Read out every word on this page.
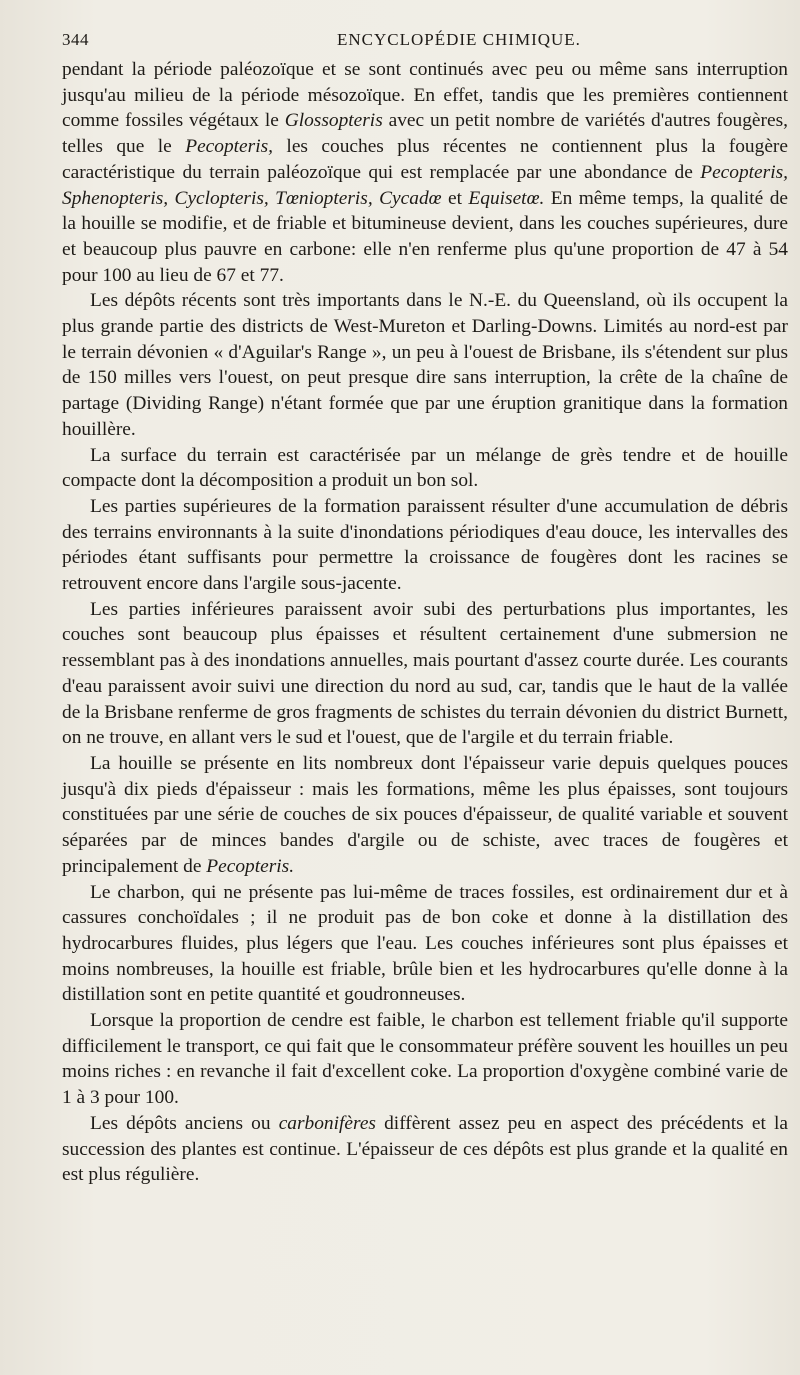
344	ENCYCLOPÉDIE CHIMIQUE.

pendant la période paléozoïque et se sont continués avec peu ou même sans interruption jusqu'au milieu de la période mésozoïque. En effet, tandis que les premières contiennent comme fossiles végétaux le Glossopteris avec un petit nombre de variétés d'autres fougères, telles que le Pecopteris, les couches plus récentes ne contiennent plus la fougère caractéristique du terrain paléozoïque qui est remplacée par une abondance de Pecopteris, Sphenopteris, Cyclopteris, Tœniopteris, Cycadœ et Equisetœ. En même temps, la qualité de la houille se modifie, et de friable et bitumineuse devient, dans les couches supérieures, dure et beaucoup plus pauvre en carbone: elle n'en renferme plus qu'une proportion de 47 à 54 pour 100 au lieu de 67 et 77.

Les dépôts récents sont très importants dans le N.-E. du Queensland, où ils occupent la plus grande partie des districts de West-Mureton et Darling-Downs. Limités au nord-est par le terrain dévonien « d'Aguilar's Range », un peu à l'ouest de Brisbane, ils s'étendent sur plus de 150 milles vers l'ouest, on peut presque dire sans interruption, la crête de la chaîne de partage (Dividing Range) n'étant formée que par une éruption granitique dans la formation houillère.

La surface du terrain est caractérisée par un mélange de grès tendre et de houille compacte dont la décomposition a produit un bon sol.

Les parties supérieures de la formation paraissent résulter d'une accumulation de débris des terrains environnants à la suite d'inondations périodiques d'eau douce, les intervalles des périodes étant suffisants pour permettre la croissance de fougères dont les racines se retrouvent encore dans l'argile sous-jacente.

Les parties inférieures paraissent avoir subi des perturbations plus importantes, les couches sont beaucoup plus épaisses et résultent certainement d'une submersion ne ressemblant pas à des inondations annuelles, mais pourtant d'assez courte durée. Les courants d'eau paraissent avoir suivi une direction du nord au sud, car, tandis que le haut de la vallée de la Brisbane renferme de gros fragments de schistes du terrain dévonien du district Burnett, on ne trouve, en allant vers le sud et l'ouest, que de l'argile et du terrain friable.

La houille se présente en lits nombreux dont l'épaisseur varie depuis quelques pouces jusqu'à dix pieds d'épaisseur : mais les formations, même les plus épaisses, sont toujours constituées par une série de couches de six pouces d'épaisseur, de qualité variable et souvent séparées par de minces bandes d'argile ou de schiste, avec traces de fougères et principalement de Pecopteris.

Le charbon, qui ne présente pas lui-même de traces fossiles, est ordinairement dur et à cassures conchoïdales ; il ne produit pas de bon coke et donne à la distillation des hydrocarbures fluides, plus légers que l'eau. Les couches inférieures sont plus épaisses et moins nombreuses, la houille est friable, brûle bien et les hydrocarbures qu'elle donne à la distillation sont en petite quantité et goudronneuses.

Lorsque la proportion de cendre est faible, le charbon est tellement friable qu'il supporte difficilement le transport, ce qui fait que le consommateur préfère souvent les houilles un peu moins riches : en revanche il fait d'excellent coke. La proportion d'oxygène combiné varie de 1 à 3 pour 100.

Les dépôts anciens ou carbonifères diffèrent assez peu en aspect des précédents et la succession des plantes est continue. L'épaisseur de ces dépôts est plus grande et la qualité en est plus régulière.
